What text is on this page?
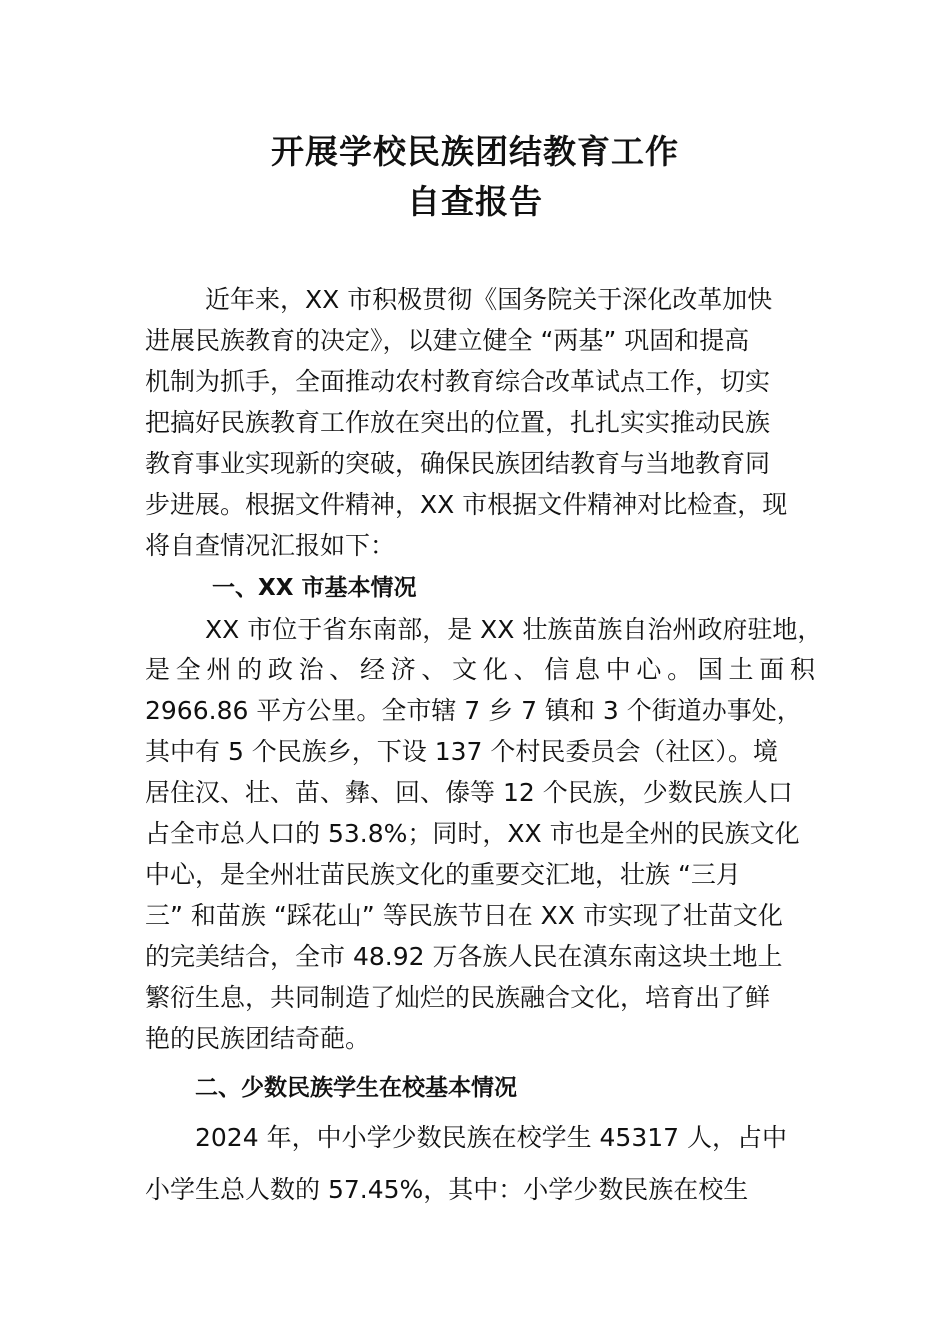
开展学校民族团结教育工作
自查报告
近年来，XX 市积极贯彻《国务院关于深化改革加快
进展民族教育的决定》，以建立健全 “两基” 巩固和提高
机制为抓手，全面推动农村教育综合改革试点工作，切实
把搞好民族教育工作放在突出的位置，扎扎实实推动民族
教育事业实现新的突破，确保民族团结教育与当地教育同
步进展。根据文件精神，XX 市根据文件精神对比检查，现
将自查情况汇报如下：
一、XX 市基本情况
XX 市位于省东南部，是 XX 壮族苗族自治州政府驻地，
是全州的政治、经济、文化、信息中心。国土面积
2966.86 平方公里。全市辖 7 乡 7 镇和 3 个街道办事处，
其中有 5 个民族乡，下设 137 个村民委员会（社区）。境
居住汉、壮、苗、彝、回、傣等 12 个民族，少数民族人口
占全市总人口的 53.8%；同时，XX 市也是全州的民族文化
中心，是全州壮苗民族文化的重要交汇地，壮族 “三月
三” 和苗族 “踩花山” 等民族节日在 XX 市实现了壮苗文化
的完美结合，全市 48.92 万各族人民在滇东南这块土地上
繁衍生息，共同制造了灿烂的民族融合文化，培育出了鲜
艳的民族团结奇葩。
二、少数民族学生在校基本情况
2024 年，中小学少数民族在校学生 45317 人，占中
小学生总人数的 57.45%，其中：小学少数民族在校生
